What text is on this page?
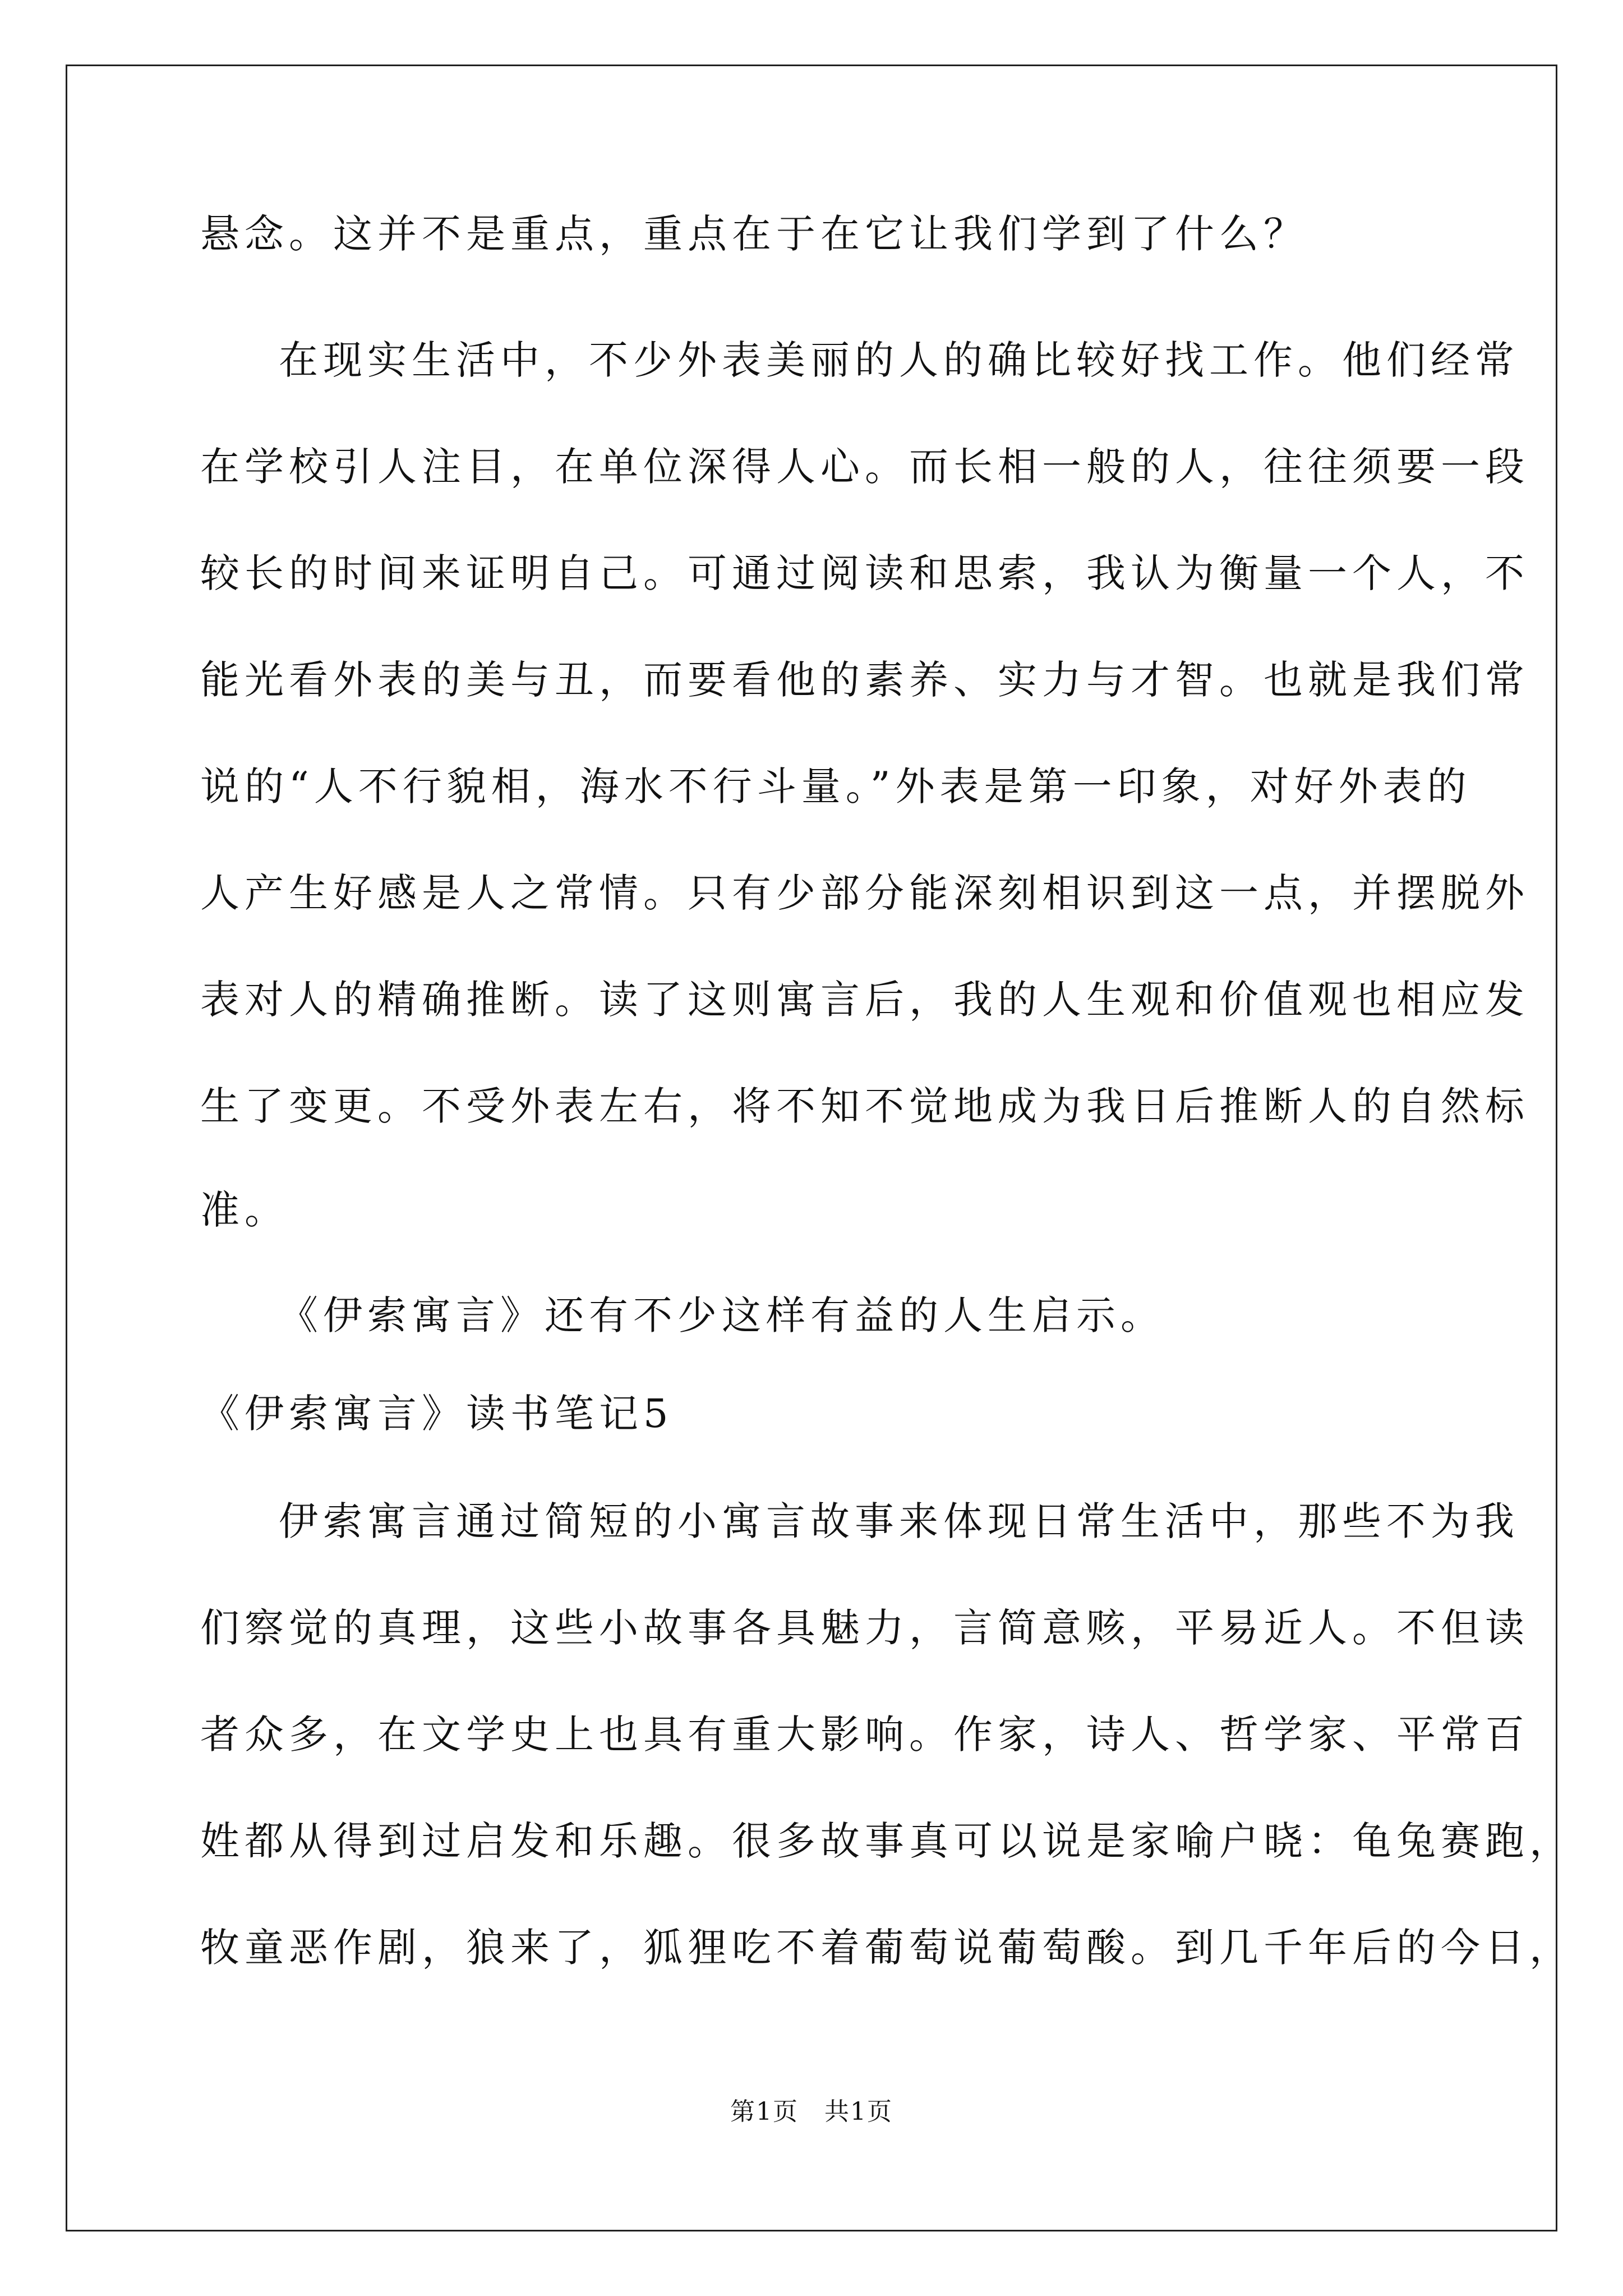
悬念。这并不是重点，重点在于在它让我们学到了什么？
在现实生活中，不少外表美丽的人的确比较好找工作。他们经常
在学校引人注目，在单位深得人心。而长相一般的人，往往须要一段
较长的时间来证明自己。可通过阅读和思索，我认为衡量一个人，不
能光看外表的美与丑，而要看他的素养、实力与才智。也就是我们常
说的“人不行貌相，海水不行斗量。”外表是第一印象，对好外表的
人产生好感是人之常情。只有少部分能深刻相识到这一点，并摆脱外
表对人的精确推断。读了这则寓言后，我的人生观和价值观也相应发
生了变更。不受外表左右，将不知不觉地成为我日后推断人的自然标
准。
《伊索寓言》还有不少这样有益的人生启示。
《伊索寓言》读书笔记5
伊索寓言通过简短的小寓言故事来体现日常生活中，那些不为我
们察觉的真理，这些小故事各具魅力，言简意赅，平易近人。不但读
者众多，在文学史上也具有重大影响。作家，诗人、哲学家、平常百
姓都从得到过启发和乐趣。很多故事真可以说是家喻户晓：龟兔赛跑，
牧童恶作剧，狼来了，狐狸吃不着葡萄说葡萄酸。到几千年后的今日，
第1页　共1页
